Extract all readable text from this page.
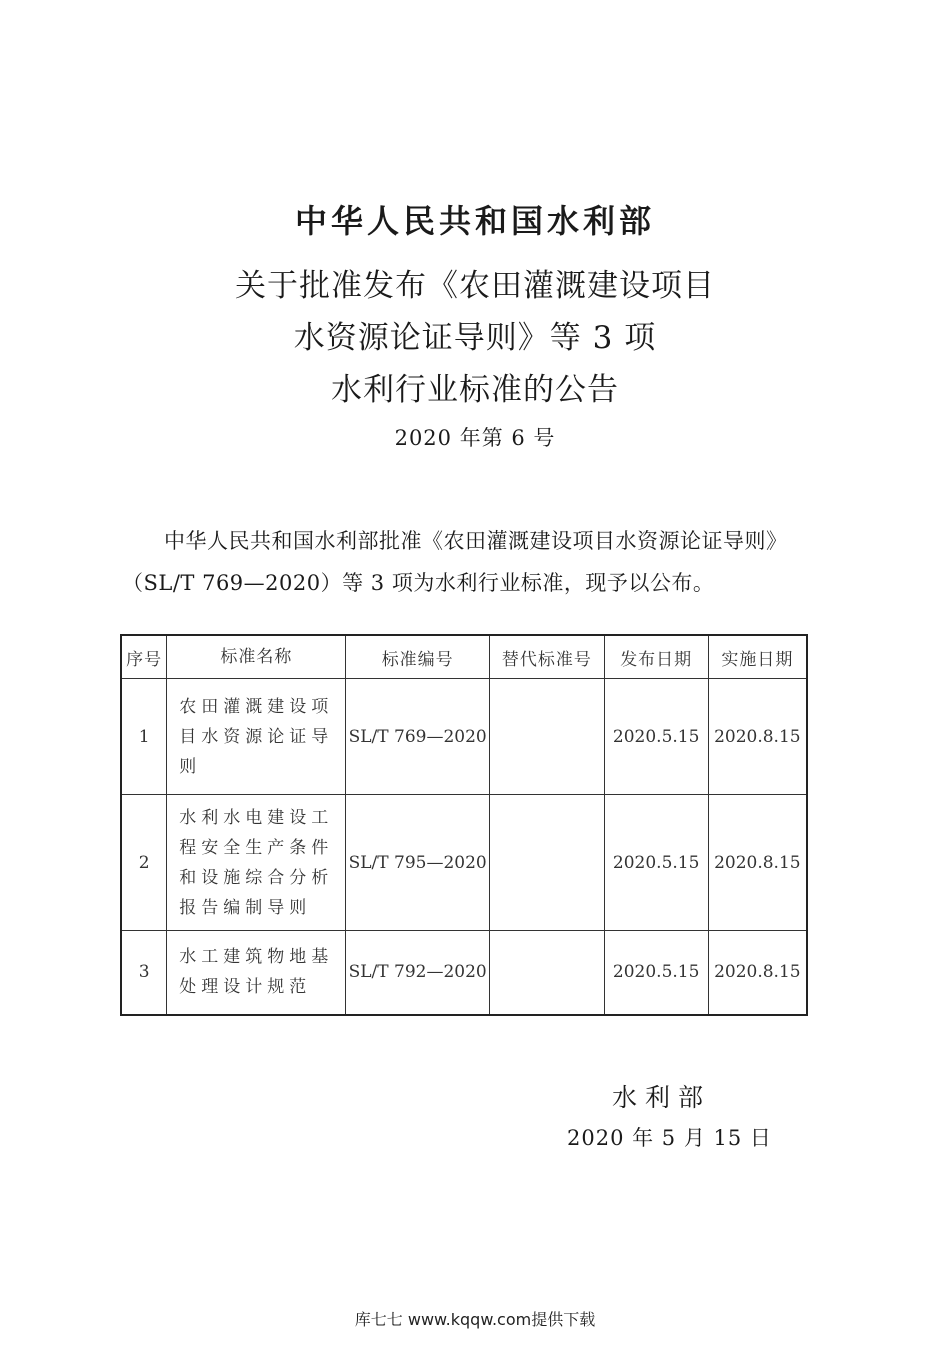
中华人民共和国水利部
关于批准发布《农田灌溉建设项目
水资源论证导则》等 3 项
水利行业标准的公告
2020 年第 6 号
中华人民共和国水利部批准《农田灌溉建设项目水资源论证导则》（SL/T 769—2020）等 3 项为水利行业标准，现予以公布。
序号	标准名称	标准编号	替代标准号	发布日期	实施日期
1	农田灌溉建设项目水资源论证导则	SL/T 769—2020		2020.5.15	2020.8.15
2	水利水电建设工程安全生产条件和设施综合分析报告编制导则	SL/T 795—2020		2020.5.15	2020.8.15
3	水工建筑物地基处理设计规范	SL/T 792—2020		2020.5.15	2020.8.15
水利部
2020 年 5 月 15 日
库七七 www.kqqw.com提供下载
